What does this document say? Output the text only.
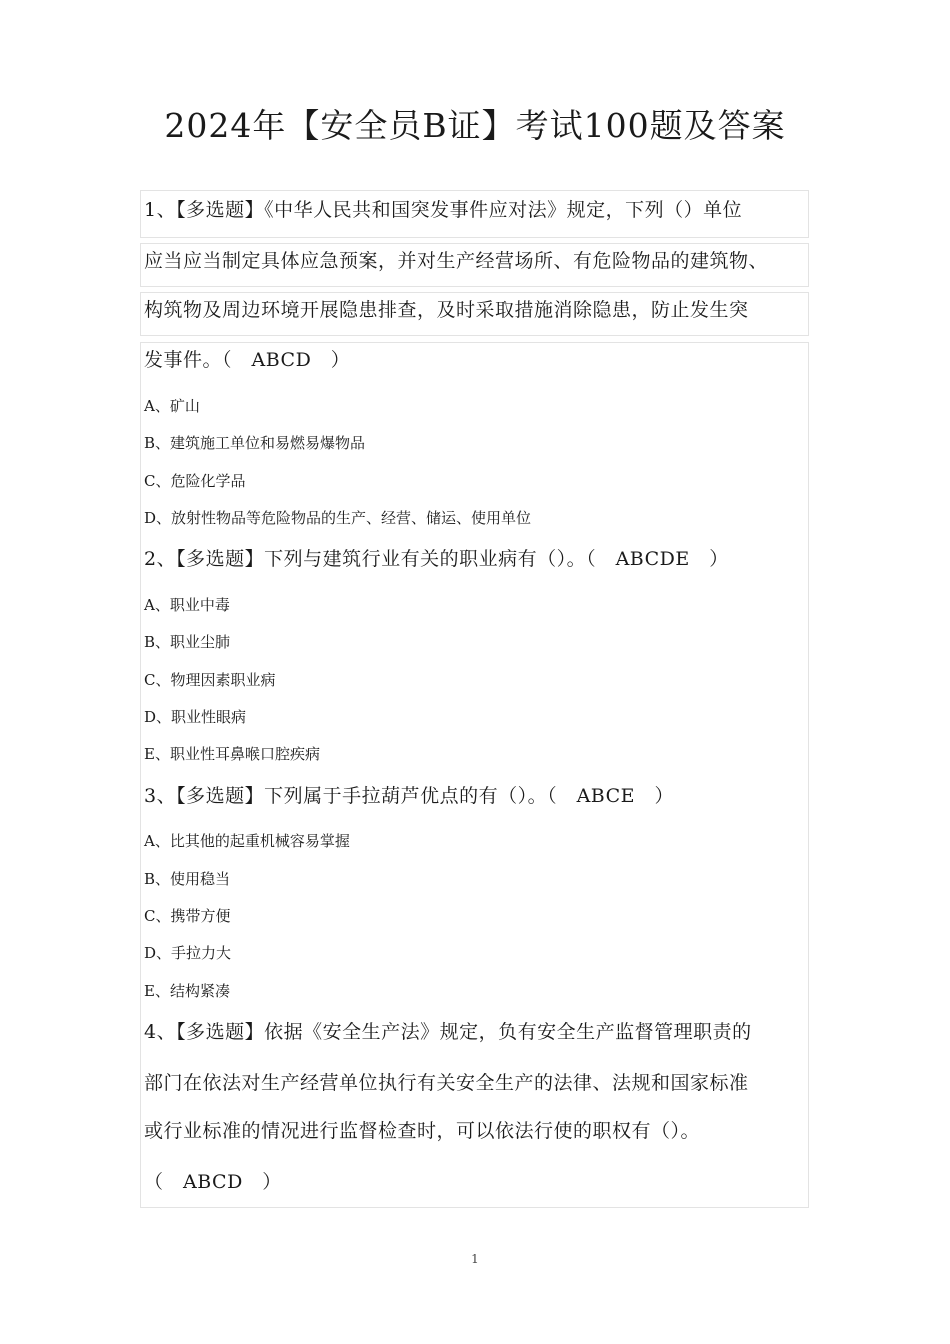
2024年【安全员B证】考试100题及答案
1、【多选题】《中华人民共和国突发事件应对法》规定，下列（）单位
应当应当制定具体应急预案，并对生产经营场所、有危险物品的建筑物、
构筑物及周边环境开展隐患排查，及时采取措施消除隐患，防止发生突
发事件。（　ABCD　）
A、矿山
B、建筑施工单位和易燃易爆物品
C、危险化学品
D、放射性物品等危险物品的生产、经营、储运、使用单位
2、【多选题】下列与建筑行业有关的职业病有（）。（　ABCDE　）
A、职业中毒
B、职业尘肺
C、物理因素职业病
D、职业性眼病
E、职业性耳鼻喉口腔疾病
3、【多选题】下列属于手拉葫芦优点的有（）。（　ABCE　）
A、比其他的起重机械容易掌握
B、使用稳当
C、携带方便
D、手拉力大
E、结构紧凑
4、【多选题】依据《安全生产法》规定，负有安全生产监督管理职责的
部门在依法对生产经营单位执行有关安全生产的法律、法规和国家标准
或行业标准的情况进行监督检查时，可以依法行使的职权有（）。
（　ABCD　）
1
